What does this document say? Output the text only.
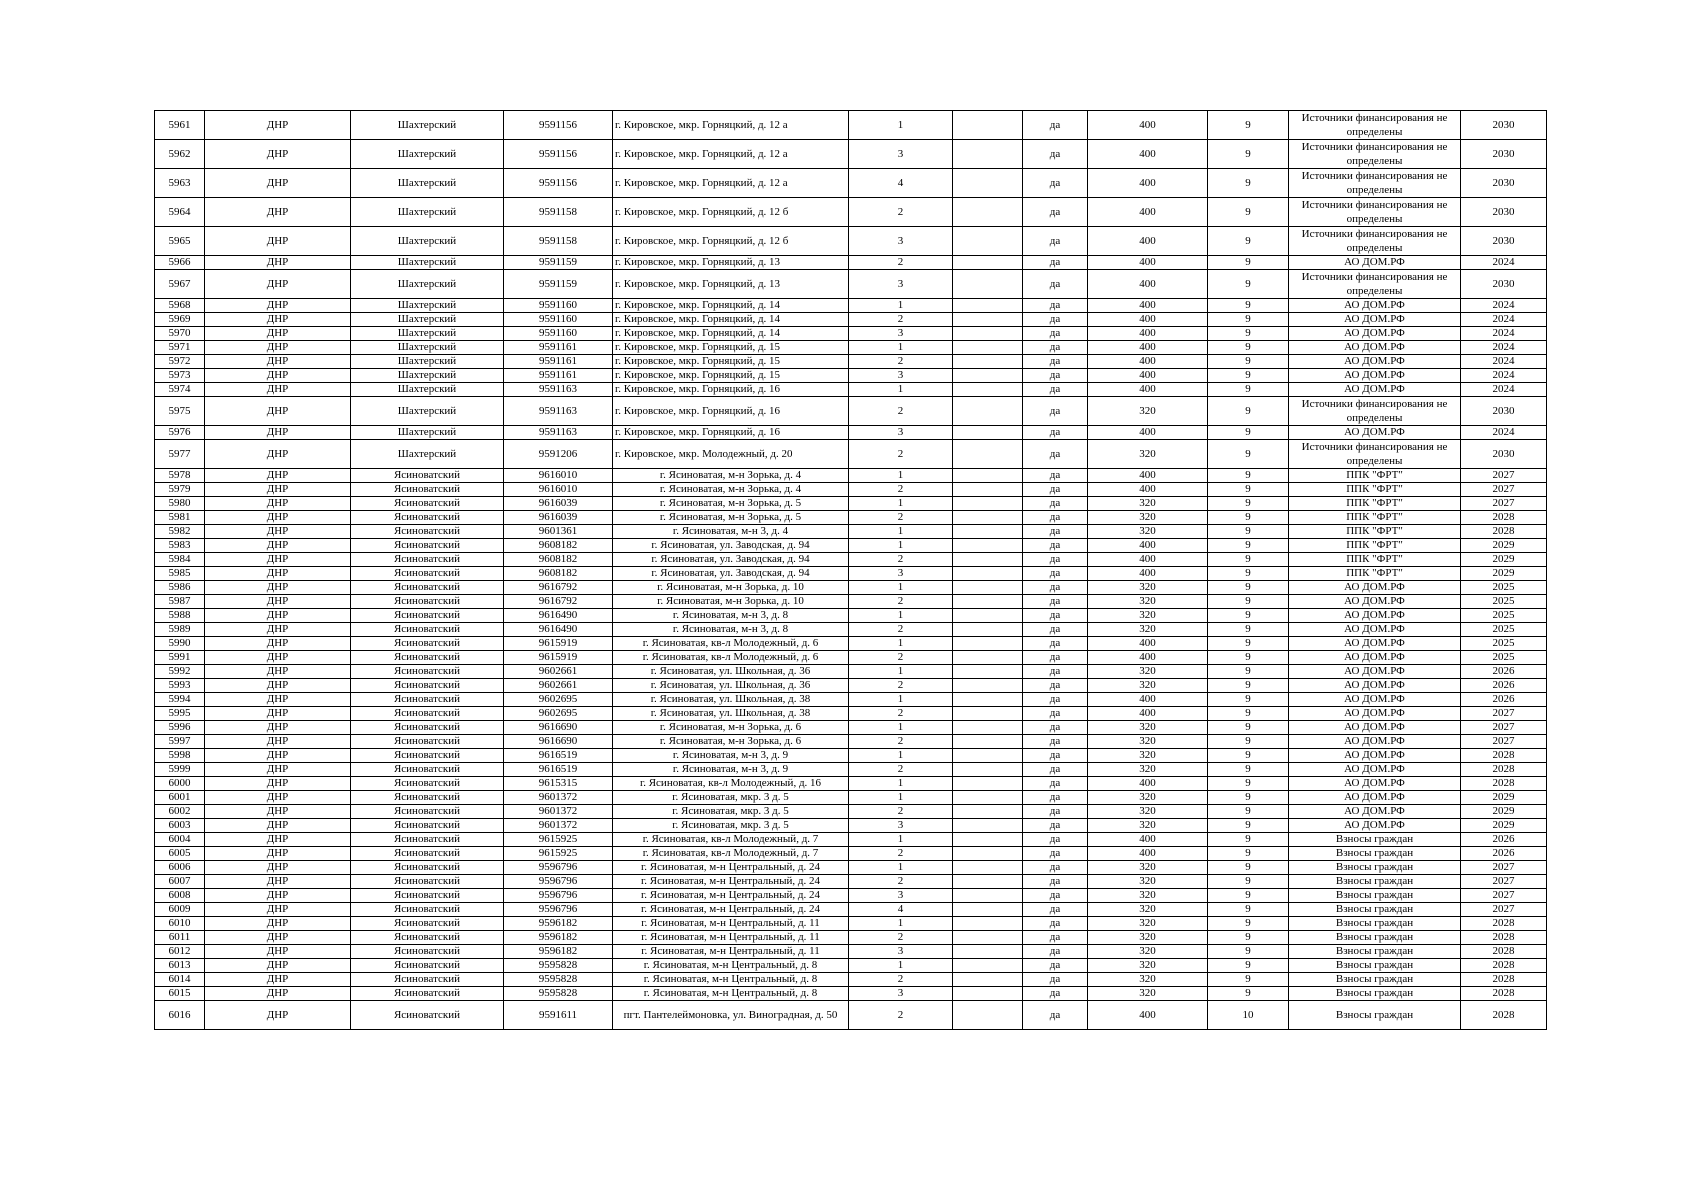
5961	ДНР	Шахтерский	9591156	г. Кировское, мкр. Горняцкий, д. 12 а	1		да	400	9	Источники финансирования не определены	2030
5962	ДНР	Шахтерский	9591156	г. Кировское, мкр. Горняцкий, д. 12 а	3		да	400	9	Источники финансирования не определены	2030
5963	ДНР	Шахтерский	9591156	г. Кировское, мкр. Горняцкий, д. 12 а	4		да	400	9	Источники финансирования не определены	2030
5964	ДНР	Шахтерский	9591158	г. Кировское, мкр. Горняцкий, д. 12 б	2		да	400	9	Источники финансирования не определены	2030
5965	ДНР	Шахтерский	9591158	г. Кировское, мкр. Горняцкий, д. 12 б	3		да	400	9	Источники финансирования не определены	2030
5966	ДНР	Шахтерский	9591159	г. Кировское, мкр. Горняцкий, д. 13	2		да	400	9	АО ДОМ.РФ	2024
5967	ДНР	Шахтерский	9591159	г. Кировское, мкр. Горняцкий, д. 13	3		да	400	9	Источники финансирования не определены	2030
5968	ДНР	Шахтерский	9591160	г. Кировское, мкр. Горняцкий, д. 14	1		да	400	9	АО ДОМ.РФ	2024
5969	ДНР	Шахтерский	9591160	г. Кировское, мкр. Горняцкий, д. 14	2		да	400	9	АО ДОМ.РФ	2024
5970	ДНР	Шахтерский	9591160	г. Кировское, мкр. Горняцкий, д. 14	3		да	400	9	АО ДОМ.РФ	2024
5971	ДНР	Шахтерский	9591161	г. Кировское, мкр. Горняцкий, д. 15	1		да	400	9	АО ДОМ.РФ	2024
5972	ДНР	Шахтерский	9591161	г. Кировское, мкр. Горняцкий, д. 15	2		да	400	9	АО ДОМ.РФ	2024
5973	ДНР	Шахтерский	9591161	г. Кировское, мкр. Горняцкий, д. 15	3		да	400	9	АО ДОМ.РФ	2024
5974	ДНР	Шахтерский	9591163	г. Кировское, мкр. Горняцкий, д. 16	1		да	400	9	АО ДОМ.РФ	2024
5975	ДНР	Шахтерский	9591163	г. Кировское, мкр. Горняцкий, д. 16	2		да	320	9	Источники финансирования не определены	2030
5976	ДНР	Шахтерский	9591163	г. Кировское, мкр. Горняцкий, д. 16	3		да	400	9	АО ДОМ.РФ	2024
5977	ДНР	Шахтерский	9591206	г. Кировское, мкр. Молодежный, д. 20	2		да	320	9	Источники финансирования не определены	2030
5978	ДНР	Ясиноватский	9616010	г. Ясиноватая, м-н Зорька, д. 4	1		да	400	9	ППК "ФРТ"	2027
5979	ДНР	Ясиноватский	9616010	г. Ясиноватая, м-н Зорька, д. 4	2		да	400	9	ППК "ФРТ"	2027
5980	ДНР	Ясиноватский	9616039	г. Ясиноватая, м-н Зорька, д. 5	1		да	320	9	ППК "ФРТ"	2027
5981	ДНР	Ясиноватский	9616039	г. Ясиноватая, м-н Зорька, д. 5	2		да	320	9	ППК "ФРТ"	2028
5982	ДНР	Ясиноватский	9601361	г. Ясиноватая, м-н 3, д. 4	1		да	320	9	ППК "ФРТ"	2028
5983	ДНР	Ясиноватский	9608182	г. Ясиноватая, ул. Заводская, д. 94	1		да	400	9	ППК "ФРТ"	2029
5984	ДНР	Ясиноватский	9608182	г. Ясиноватая, ул. Заводская, д. 94	2		да	400	9	ППК "ФРТ"	2029
5985	ДНР	Ясиноватский	9608182	г. Ясиноватая, ул. Заводская, д. 94	3		да	400	9	ППК "ФРТ"	2029
5986	ДНР	Ясиноватский	9616792	г. Ясиноватая, м-н Зорька, д. 10	1		да	320	9	АО ДОМ.РФ	2025
5987	ДНР	Ясиноватский	9616792	г. Ясиноватая, м-н Зорька, д. 10	2		да	320	9	АО ДОМ.РФ	2025
5988	ДНР	Ясиноватский	9616490	г. Ясиноватая, м-н 3, д. 8	1		да	320	9	АО ДОМ.РФ	2025
5989	ДНР	Ясиноватский	9616490	г. Ясиноватая, м-н 3, д. 8	2		да	320	9	АО ДОМ.РФ	2025
5990	ДНР	Ясиноватский	9615919	г. Ясиноватая, кв-л Молодежный, д. 6	1		да	400	9	АО ДОМ.РФ	2025
5991	ДНР	Ясиноватский	9615919	г. Ясиноватая, кв-л Молодежный, д. 6	2		да	400	9	АО ДОМ.РФ	2025
5992	ДНР	Ясиноватский	9602661	г. Ясиноватая, ул. Школьная, д. 36	1		да	320	9	АО ДОМ.РФ	2026
5993	ДНР	Ясиноватский	9602661	г. Ясиноватая, ул. Школьная, д. 36	2		да	320	9	АО ДОМ.РФ	2026
5994	ДНР	Ясиноватский	9602695	г. Ясиноватая, ул. Школьная, д. 38	1		да	400	9	АО ДОМ.РФ	2026
5995	ДНР	Ясиноватский	9602695	г. Ясиноватая, ул. Школьная, д. 38	2		да	400	9	АО ДОМ.РФ	2027
5996	ДНР	Ясиноватский	9616690	г. Ясиноватая, м-н Зорька, д. 6	1		да	320	9	АО ДОМ.РФ	2027
5997	ДНР	Ясиноватский	9616690	г. Ясиноватая, м-н Зорька, д. 6	2		да	320	9	АО ДОМ.РФ	2027
5998	ДНР	Ясиноватский	9616519	г. Ясиноватая, м-н 3, д. 9	1		да	320	9	АО ДОМ.РФ	2028
5999	ДНР	Ясиноватский	9616519	г. Ясиноватая, м-н 3, д. 9	2		да	320	9	АО ДОМ.РФ	2028
6000	ДНР	Ясиноватский	9615315	г. Ясиноватая, кв-л Молодежный, д. 16	1		да	400	9	АО ДОМ.РФ	2028
6001	ДНР	Ясиноватский	9601372	г. Ясиноватая, мкр. 3 д. 5	1		да	320	9	АО ДОМ.РФ	2029
6002	ДНР	Ясиноватский	9601372	г. Ясиноватая, мкр. 3 д. 5	2		да	320	9	АО ДОМ.РФ	2029
6003	ДНР	Ясиноватский	9601372	г. Ясиноватая, мкр. 3 д. 5	3		да	320	9	АО ДОМ.РФ	2029
6004	ДНР	Ясиноватский	9615925	г. Ясиноватая, кв-л Молодежный, д. 7	1		да	400	9	Взносы граждан	2026
6005	ДНР	Ясиноватский	9615925	г. Ясиноватая, кв-л Молодежный, д. 7	2		да	400	9	Взносы граждан	2026
6006	ДНР	Ясиноватский	9596796	г. Ясиноватая, м-н Центральный, д. 24	1		да	320	9	Взносы граждан	2027
6007	ДНР	Ясиноватский	9596796	г. Ясиноватая, м-н Центральный, д. 24	2		да	320	9	Взносы граждан	2027
6008	ДНР	Ясиноватский	9596796	г. Ясиноватая, м-н Центральный, д. 24	3		да	320	9	Взносы граждан	2027
6009	ДНР	Ясиноватский	9596796	г. Ясиноватая, м-н Центральный, д. 24	4		да	320	9	Взносы граждан	2027
6010	ДНР	Ясиноватский	9596182	г. Ясиноватая, м-н Центральный, д. 11	1		да	320	9	Взносы граждан	2028
6011	ДНР	Ясиноватский	9596182	г. Ясиноватая, м-н Центральный, д. 11	2		да	320	9	Взносы граждан	2028
6012	ДНР	Ясиноватский	9596182	г. Ясиноватая, м-н Центральный, д. 11	3		да	320	9	Взносы граждан	2028
6013	ДНР	Ясиноватский	9595828	г. Ясиноватая, м-н Центральный, д. 8	1		да	320	9	Взносы граждан	2028
6014	ДНР	Ясиноватский	9595828	г. Ясиноватая, м-н Центральный, д. 8	2		да	320	9	Взносы граждан	2028
6015	ДНР	Ясиноватский	9595828	г. Ясиноватая, м-н Центральный, д. 8	3		да	320	9	Взносы граждан	2028
6016	ДНР	Ясиноватский	9591611	пгт. Пантелеймоновка, ул. Виноградная, д. 50	2		да	400	10	Взносы граждан	2028
